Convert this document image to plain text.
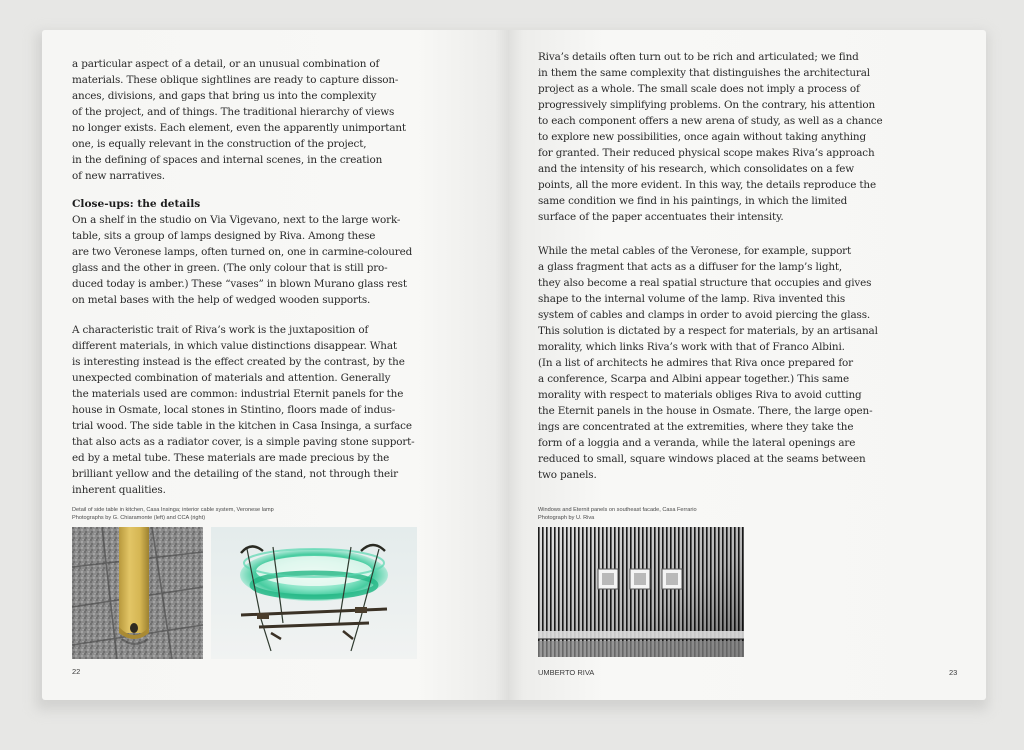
a particular aspect of a detail, or an unusual combination of
materials. These oblique sightlines are ready to capture disson-
ances, divisions, and gaps that bring us into the complexity
of the project, and of things. The traditional hierarchy of views
no longer exists. Each element, even the apparently unimportant
one, is equally relevant in the construction of the project,
in the defining of spaces and internal scenes, in the creation
of new narratives.

Close-ups: the details

On a shelf in the studio on Via Vigevano, next to the large work-
table, sits a group of lamps designed by Riva. Among these
are two Veronese lamps, often turned on, one in carmine-coloured
glass and the other in green. (The only colour that is still pro-
duced today is amber.) These “vases” in blown Murano glass rest
on metal bases with the help of wedged wooden supports.

A characteristic trait of Riva’s work is the juxtaposition of
different materials, in which value distinctions disappear. What
is interesting instead is the effect created by the contrast, by the
unexpected combination of materials and attention. Generally
the materials used are common: industrial Eternit panels for the
house in Osmate, local stones in Stintino, floors made of indus-
trial wood. The side table in the kitchen in Casa Insinga, a surface
that also acts as a radiator cover, is a simple paving stone support-
ed by a metal tube. These materials are made precious by the
brilliant yellow and the detailing of the stand, not through their
inherent qualities.

Detail of side table in kitchen, Casa Insinga; interior cable system, Veronese lamp
Photographs by G. Chiaramonte (left) and CCA (right)

22

Riva’s details often turn out to be rich and articulated; we find
in them the same complexity that distinguishes the architectural
project as a whole. The small scale does not imply a process of
progressively simplifying problems. On the contrary, his attention
to each component offers a new arena of study, as well as a chance
to explore new possibilities, once again without taking anything
for granted. Their reduced physical scope makes Riva’s approach
and the intensity of his research, which consolidates on a few
points, all the more evident. In this way, the details reproduce the
same condition we find in his paintings, in which the limited
surface of the paper accentuates their intensity.

While the metal cables of the Veronese, for example, support
a glass fragment that acts as a diffuser for the lamp’s light,
they also become a real spatial structure that occupies and gives
shape to the internal volume of the lamp. Riva invented this
system of cables and clamps in order to avoid piercing the glass.
This solution is dictated by a respect for materials, by an artisanal
morality, which links Riva’s work with that of Franco Albini.
(In a list of architects he admires that Riva once prepared for
a conference, Scarpa and Albini appear together.) This same
morality with respect to materials obliges Riva to avoid cutting
the Eternit panels in the house in Osmate. There, the large open-
ings are concentrated at the extremities, where they take the
form of a loggia and a veranda, while the lateral openings are
reduced to small, square windows placed at the seams between
two panels.

Windows and Eternit panels on southeast facade, Casa Ferrario
Photograph by U. Riva

UMBERTO RIVA	23
